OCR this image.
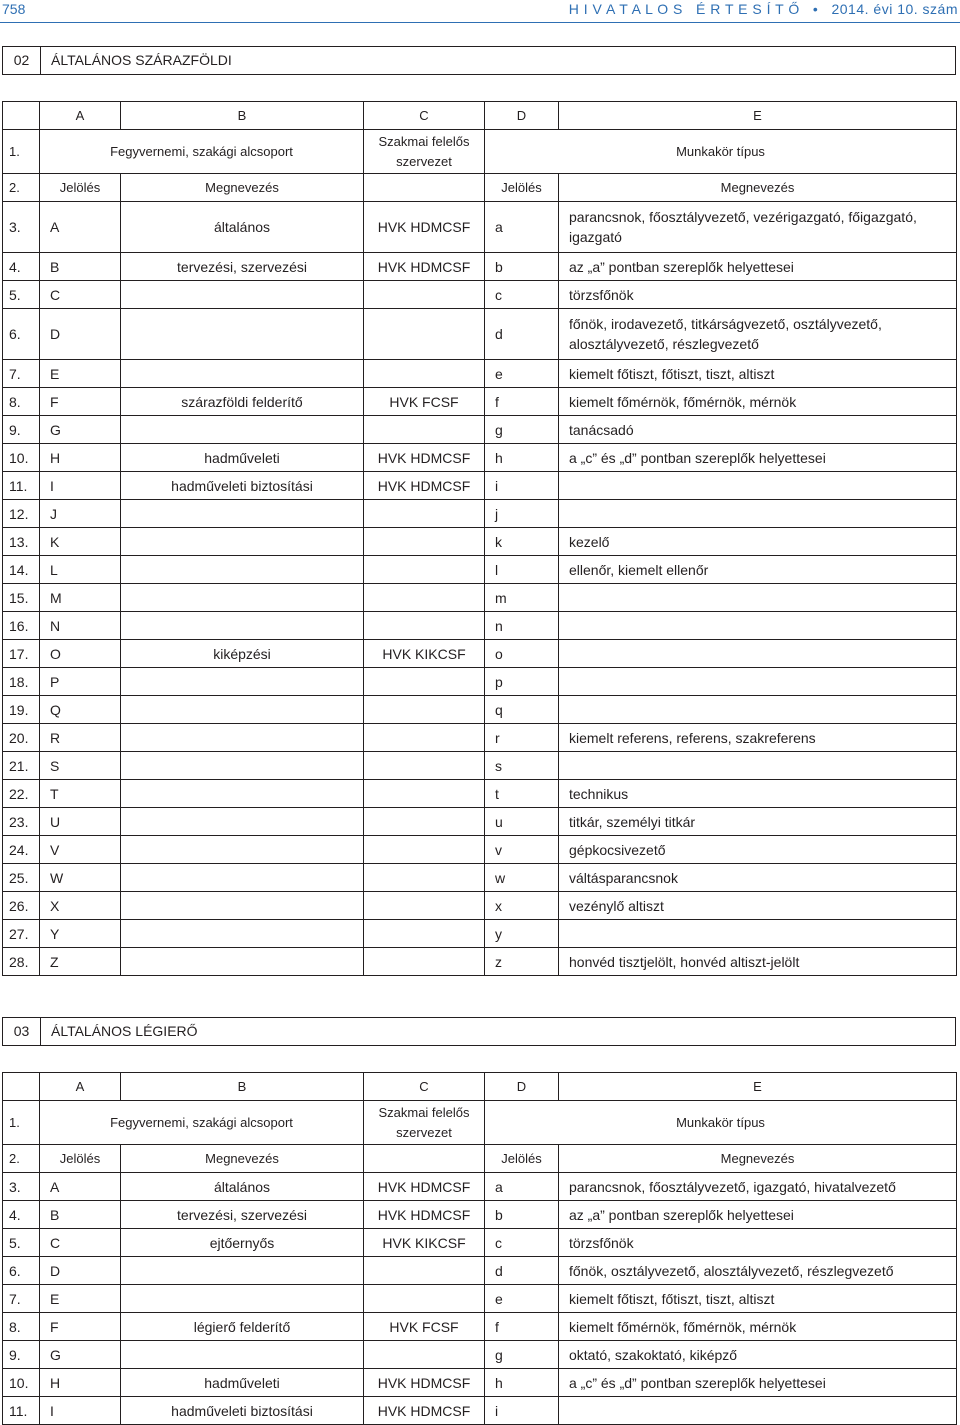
758	H I V A T A L O S   É R T E S Í T Ő   •   2014. évi 10. szám
02	ÁLTALÁNOS SZÁRAZFÖLDI
	A	B	C	D	E
1.	Fegyvernemi, szakági alcsoport		Szakmai felelős szervezet	Munkakör típus	
2.	Jelölés	Megnevezés		Jelölés	Megnevezés
3.	A	általános	HVK HDMCSF	a	parancsnok, főosztályvezető, vezérigazgató, főigazgató, igazgató
4.	B	tervezési, szervezési	HVK HDMCSF	b	az „a” pontban szereplők helyettesei
5.	C			c	törzsfőnök
6.	D			d	főnök, irodavezető, titkárságvezető, osztályvezető, alosztályvezető, részlegvezető
7.	E			e	kiemelt főtiszt, főtiszt, tiszt, altiszt
8.	F	szárazföldi felderítő	HVK FCSF	f	kiemelt főmérnök, főmérnök, mérnök
9.	G			g	tanácsadó
10.	H	hadműveleti	HVK HDMCSF	h	a „c” és „d” pontban szereplők helyettesei
11.	I	hadműveleti biztosítási	HVK HDMCSF	i	
12.	J			j	
13.	K			k	kezelő
14.	L			l	ellenőr, kiemelt ellenőr
15.	M			m	
16.	N			n	
17.	O	kiképzési	HVK KIKCSF	o	
18.	P			p	
19.	Q			q	
20.	R			r	kiemelt referens, referens, szakreferens
21.	S			s	
22.	T			t	technikus
23.	U			u	titkár, személyi titkár
24.	V			v	gépkocsivezető
25.	W			w	váltásparancsnok
26.	X			x	vezénylő altiszt
27.	Y			y	
28.	Z			z	honvéd tisztjelölt, honvéd altiszt-jelölt
03	ÁLTALÁNOS LÉGIERŐ
	A	B	C	D	E
1.	Fegyvernemi, szakági alcsoport		Szakmai felelős szervezet	Munkakör típus	
2.	Jelölés	Megnevezés		Jelölés	Megnevezés
3.	A	általános	HVK HDMCSF	a	parancsnok, főosztályvezető, igazgató, hivatalvezető
4.	B	tervezési, szervezési	HVK HDMCSF	b	az „a” pontban szereplők helyettesei
5.	C	ejtőernyős	HVK KIKCSF	c	törzsfőnök
6.	D			d	főnök, osztályvezető, alosztályvezető, részlegvezető
7.	E			e	kiemelt főtiszt, főtiszt, tiszt, altiszt
8.	F	légierő felderítő	HVK FCSF	f	kiemelt főmérnök, főmérnök, mérnök
9.	G			g	oktató, szakoktató, kiképző
10.	H	hadműveleti	HVK HDMCSF	h	a „c” és „d” pontban szereplők helyettesei
11.	I	hadműveleti biztosítási	HVK HDMCSF	i	
